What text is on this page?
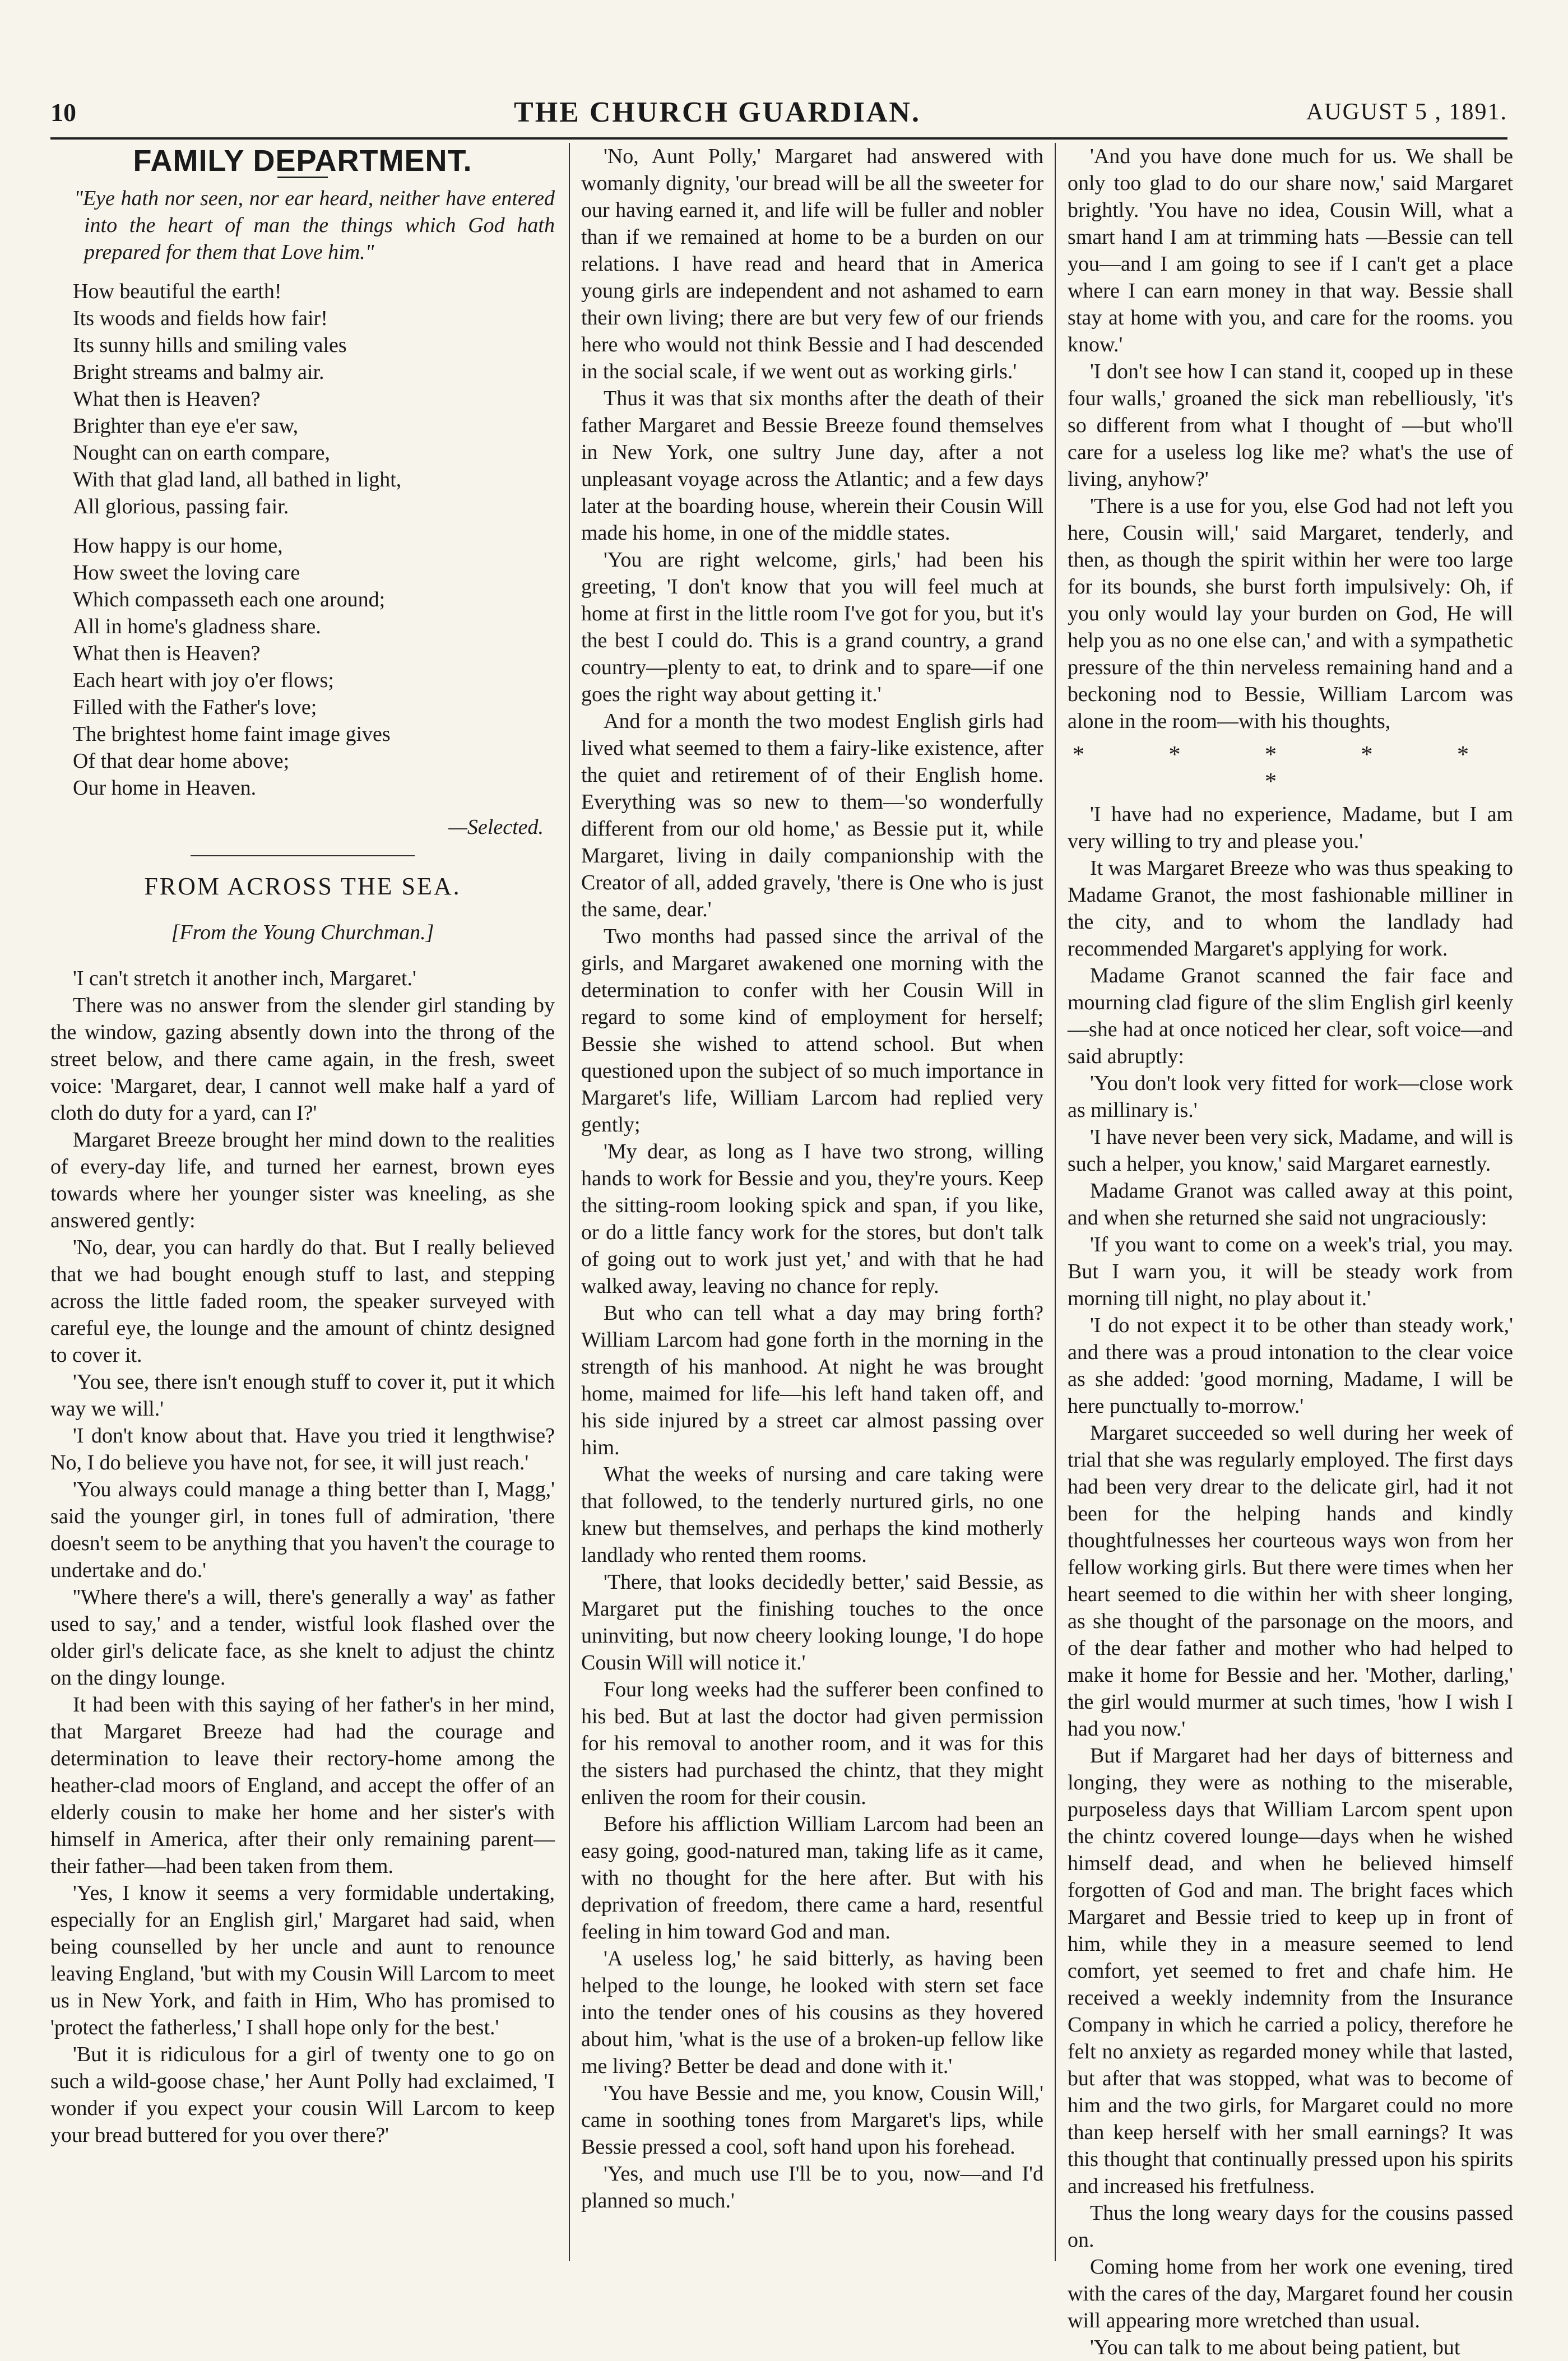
10	THE CHURCH GUARDIAN.	AUGUST 5 , 1891.
FAMILY DEPARTMENT.
"Eye hath nor seen, nor ear heard, neither have entered into the heart of man the things which God hath prepared for them that Love him."
How beautiful the earth!
Its woods and fields how fair!
Its sunny hills and smiling vales
Bright streams and balmy air.
What then is Heaven?
Brighter than eye e'er saw,
Nought can on earth compare,
With that glad land, all bathed in light,
All glorious, passing fair.
How happy is our home,
How sweet the loving care
Which compasseth each one around;
All in home's gladness share.
What then is Heaven?
Each heart with joy o'er flows;
Filled with the Father's love;
The brightest home faint image gives
Of that dear home above;
Our home in Heaven.
—Selected.
FROM ACROSS THE SEA.
[From the Young Churchman.]

'I can't stretch it another inch, Margaret.'

There was no answer from the slender girl standing by the window, gazing absently down into the throng of the street below, and there came again, in the fresh, sweet voice: 'Margaret, dear, I cannot well make half a yard of cloth do duty for a yard, can I?'

Margaret Breeze brought her mind down to the realities of every-day life, and turned her earnest, brown eyes towards where her younger sister was kneeling, as she answered gently:

'No, dear, you can hardly do that. But I really believed that we had bought enough stuff to last, and stepping across the little faded room, the speaker surveyed with careful eye, the lounge and the amount of chintz designed to cover it.

'You see, there isn't enough stuff to cover it, put it which way we will.'

'I don't know about that. Have you tried it lengthwise? No, I do believe you have not, for see, it will just reach.'

'You always could manage a thing better than I, Magg,' said the younger girl, in tones full of admiration, 'there doesn't seem to be anything that you haven't the courage to undertake and do.'

''Where there's a will, there's generally a way' as father used to say,' and a tender, wistful look flashed over the older girl's delicate face, as she knelt to adjust the chintz on the dingy lounge.

It had been with this saying of her father's in her mind, that Margaret Breeze had had the courage and determination to leave their rectory-home among the heather-clad moors of England, and accept the offer of an elderly cousin to make her home and her sister's with himself in America, after their only remaining parent—their father—had been taken from them.

'Yes, I know it seems a very formidable undertaking, especially for an English girl,' Margaret had said, when being counselled by her uncle and aunt to renounce leaving England, 'but with my Cousin Will Larcom to meet us in New York, and faith in Him, Who has promised to 'protect the fatherless,' I shall hope only for the best.'

'But it is ridiculous for a girl of twenty one to go on such a wild-goose chase,' her Aunt Polly had exclaimed, 'I wonder if you expect your cousin Will Larcom to keep your bread buttered for you over there?'

'No, Aunt Polly,' Margaret had answered with womanly dignity, 'our bread will be all the sweeter for our having earned it, and life will be fuller and nobler than if we remained at home to be a burden on our relations. I have read and heard that in America young girls are independent and not ashamed to earn their own living; there are but very few of our friends here who would not think Bessie and I had descended in the social scale, if we went out as working girls.'

Thus it was that six months after the death of their father Margaret and Bessie Breeze found themselves in New York, one sultry June day, after a not unpleasant voyage across the Atlantic; and a few days later at the boarding house, wherein their Cousin Will made his home, in one of the middle states.

'You are right welcome, girls,' had been his greeting, 'I don't know that you will feel much at home at first in the little room I've got for you, but it's the best I could do. This is a grand country, a grand country—plenty to eat, to drink and to spare—if one goes the right way about getting it.'

And for a month the two modest English girls had lived what seemed to them a fairy-like existence, after the quiet and retirement of of their English home. Everything was so new to them—'so wonderfully different from our old home,' as Bessie put it, while Margaret, living in daily companionship with the Creator of all, added gravely, 'there is One who is just the same, dear.'

Two months had passed since the arrival of the girls, and Margaret awakened one morning with the determination to confer with her Cousin Will in regard to some kind of employment for herself; Bessie she wished to attend school. But when questioned upon the subject of so much importance in Margaret's life, William Larcom had replied very gently;

'My dear, as long as I have two strong, willing hands to work for Bessie and you, they're yours. Keep the sitting-room looking spick and span, if you like, or do a little fancy work for the stores, but don't talk of going out to work just yet,' and with that he had walked away, leaving no chance for reply.

But who can tell what a day may bring forth? William Larcom had gone forth in the morning in the strength of his manhood. At night he was brought home, maimed for life—his left hand taken off, and his side injured by a street car almost passing over him.

What the weeks of nursing and care taking were that followed, to the tenderly nurtured girls, no one knew but themselves, and perhaps the kind motherly landlady who rented them rooms.

'There, that looks decidedly better,' said Bessie, as Margaret put the finishing touches to the once uninviting, but now cheery looking lounge, 'I do hope Cousin Will will notice it.'

Four long weeks had the sufferer been confined to his bed. But at last the doctor had given permission for his removal to another room, and it was for this the sisters had purchased the chintz, that they might enliven the room for their cousin.

Before his affliction William Larcom had been an easy going, good-natured man, taking life as it came, with no thought for the here after. But with his deprivation of freedom, there came a hard, resentful feeling in him toward God and man.

'A useless log,' he said bitterly, as having been helped to the lounge, he looked with stern set face into the tender ones of his cousins as they hovered about him, 'what is the use of a broken-up fellow like me living? Better be dead and done with it.'

'You have Bessie and me, you know, Cousin Will,' came in soothing tones from Margaret's lips, while Bessie pressed a cool, soft hand upon his forehead.

'Yes, and much use I'll be to you, now—and I'd planned so much.'

'And you have done much for us. We shall be only too glad to do our share now,' said Margaret brightly. 'You have no idea, Cousin Will, what a smart hand I am at trimming hats —Bessie can tell you—and I am going to see if I can't get a place where I can earn money in that way. Bessie shall stay at home with you, and care for the rooms. you know.'

'I don't see how I can stand it, cooped up in these four walls,' groaned the sick man rebelliously, 'it's so different from what I thought of —but who'll care for a useless log like me? what's the use of living, anyhow?'

'There is a use for you, else God had not left you here, Cousin will,' said Margaret, tenderly, and then, as though the spirit within her were too large for its bounds, she burst forth impulsively: Oh, if you only would lay your burden on God, He will help you as no one else can,' and with a sympathetic pressure of the thin nerveless remaining hand and a beckoning nod to Bessie, William Larcom was alone in the room—with his thoughts,

* * * * * *

'I have had no experience, Madame, but I am very willing to try and please you.'

It was Margaret Breeze who was thus speaking to Madame Granot, the most fashionable milliner in the city, and to whom the landlady had recommended Margaret's applying for work.

Madame Granot scanned the fair face and mourning clad figure of the slim English girl keenly—she had at once noticed her clear, soft voice—and said abruptly:

'You don't look very fitted for work—close work as millinary is.'

'I have never been very sick, Madame, and will is such a helper, you know,' said Margaret earnestly.

Madame Granot was called away at this point, and when she returned she said not ungraciously:

'If you want to come on a week's trial, you may. But I warn you, it will be steady work from morning till night, no play about it.'

'I do not expect it to be other than steady work,' and there was a proud intonation to the clear voice as she added: 'good morning, Madame, I will be here punctually to-morrow.'

Margaret succeeded so well during her week of trial that she was regularly employed. The first days had been very drear to the delicate girl, had it not been for the helping hands and kindly thoughtfulnesses her courteous ways won from her fellow working girls. But there were times when her heart seemed to die within her with sheer longing, as she thought of the parsonage on the moors, and of the dear father and mother who had helped to make it home for Bessie and her. 'Mother, darling,' the girl would murmer at such times, 'how I wish I had you now.'

But if Margaret had her days of bitterness and longing, they were as nothing to the miserable, purposeless days that William Larcom spent upon the chintz covered lounge—days when he wished himself dead, and when he believed himself forgotten of God and man. The bright faces which Margaret and Bessie tried to keep up in front of him, while they in a measure seemed to lend comfort, yet seemed to fret and chafe him. He received a weekly indemnity from the Insurance Company in which he carried a policy, therefore he felt no anxiety as regarded money while that lasted, but after that was stopped, what was to become of him and the two girls, for Margaret could no more than keep herself with her small earnings? It was this thought that continually pressed upon his spirits and increased his fretfulness.

Thus the long weary days for the cousins passed on.

Coming home from her work one evening, tired with the cares of the day, Margaret found her cousin will appearing more wretched than usual.

'You can talk to me about being patient, but
